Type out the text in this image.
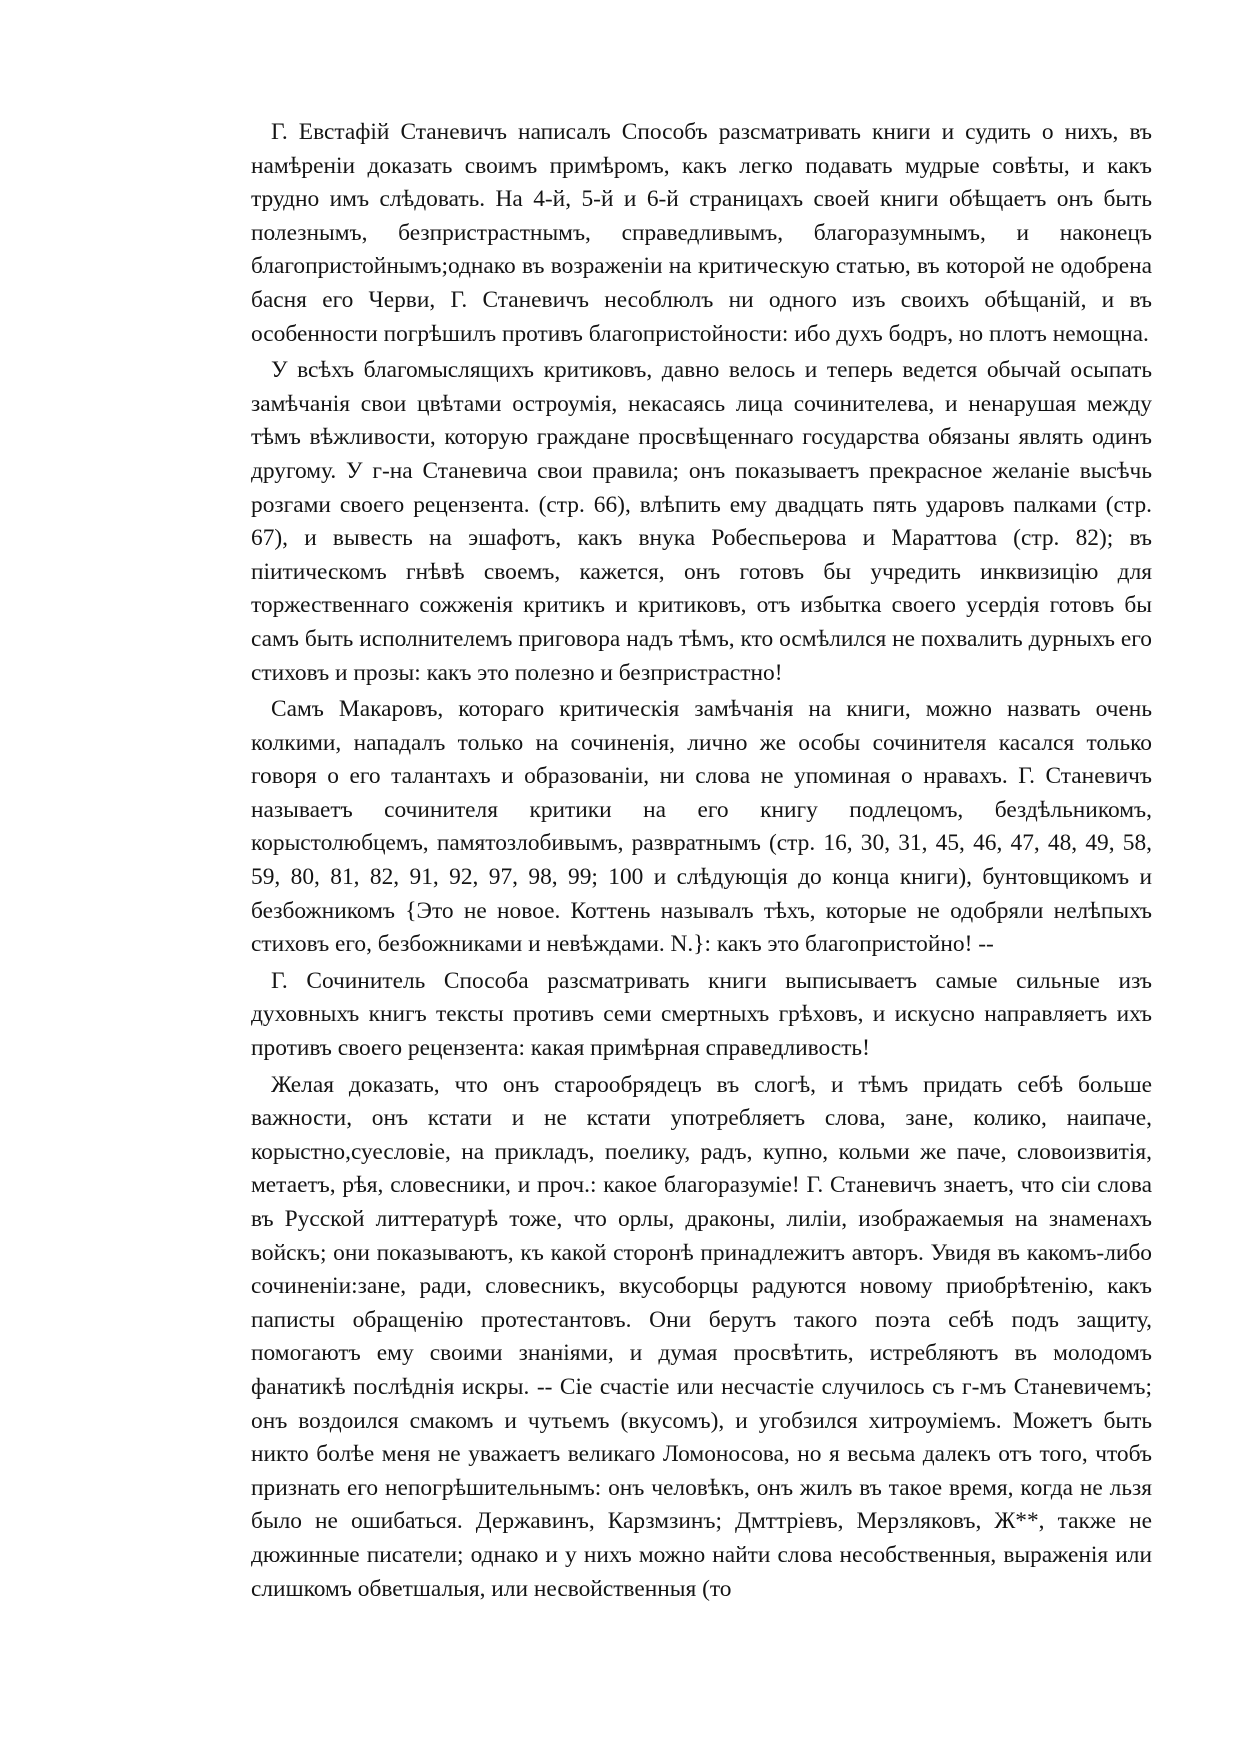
Г. Евстафій Станевичъ написалъ Способъ разсматривать книги и судить о нихъ, въ намѣреніи доказать своимъ примѣромъ, какъ легко подавать мудрые совѣты, и какъ трудно имъ слѣдовать. На 4-й, 5-й и 6-й страницахъ своей книги обѣщаетъ онъ быть полезнымъ, безпристрастнымъ, справедливымъ, благоразумнымъ, и наконецъ благопристойнымъ;однако въ возраженіи на критическую статью, въ которой не одобрена басня его Черви, Г. Станевичъ несоблюлъ ни одного изъ своихъ обѣщаній, и въ особенности погрѣшилъ противъ благопристойности: ибо духъ бодръ, но плотъ немощна.

У всѣхъ благомыслящихъ критиковъ, давно велось и теперь ведется обычай осыпать замѣчанія свои цвѣтами остроумія, некасаясь лица сочинителева, и ненарушая между тѣмъ вѣжливости, которую граждане просвѣщеннаго государства обязаны являть одинъ другому. У г-на Станевича свои правила; онъ показываетъ прекрасное желаніе высѣчь розгами своего рецензента. (стр. 66), влѣпить ему двадцать пять ударовъ палками (стр. 67), и вывесть на эшафотъ, какъ внука Робеспьерова и Мараттова (стр. 82); въ піитическомъ гнѣвѣ своемъ, кажется, онъ готовъ бы учредить инквизицію для торжественнаго сожженія критикъ и критиковъ, отъ избытка своего усердія готовъ бы самъ быть исполнителемъ приговора надъ тѣмъ, кто осмѣлился не похвалить дурныхъ его стиховъ и прозы: какъ это полезно и безпристрастно!

Самъ Макаровъ, котораго критическія замѣчанія на книги, можно назвать очень колкими, нападалъ только на сочиненія, лично же особы сочинителя касался только говоря о его талантахъ и образованіи, ни слова не упоминая о нравахъ. Г. Станевичъ называетъ сочинителя критики на его книгу подлецомъ, бездѣльникомъ, корыстолюбцемъ, памятозлобивымъ, развратнымъ (стр. 16, 30, 31, 45, 46, 47, 48, 49, 58, 59, 80, 81, 82, 91, 92, 97, 98, 99; 100 и слѣдующія до конца книги), бунтовщикомъ и безбожникомъ {Это не новое. Коттень называлъ тѣхъ, которые не одобряли нелѣпыхъ стиховъ его, безбожниками и невѣждами. N.}: какъ это благопристойно! --

Г. Сочинитель Способа разсматривать книги выписываетъ самые сильные изъ духовныхъ книгъ тексты противъ семи смертныхъ грѣховъ, и искусно направляетъ ихъ противъ своего рецензента: какая примѣрная справедливость!

Желая доказать, что онъ старообрядецъ въ слогѣ, и тѣмъ придать себѣ больше важности, онъ кстати и не кстати употребляетъ слова, зане, колико, наипаче, корыстно,суесловіе, на прикладъ, поелику, радъ, купно, кольми же паче, словоизвитія, метаетъ, рѣя, словесники, и проч.: какое благоразуміе! Г. Станевичъ знаетъ, что сіи слова въ Русской литтературѣ тоже, что орлы, драконы, лиліи, изображаемыя на знаменахъ войскъ; они показываютъ, къ какой сторонѣ принадлежитъ авторъ. Увидя въ какомъ-либо сочиненіи:зане, ради, словесникъ, вкусоборцы радуются новому приобрѣтенію, какъ паписты обращенію протестантовъ. Они берутъ такого поэта себѣ подъ защиту, помогаютъ ему своими знаніями, и думая просвѣтить, истребляютъ въ молодомъ фанатикѣ послѣднія искры. -- Сіе счастіе или несчастіе случилось съ г-мъ Станевичемъ; онъ воздоился смакомъ и чутьемъ (вкусомъ), и угобзился хитроуміемъ. Можетъ быть никто болѣе меня не уважаетъ великаго Ломоносова, но я весьма далекъ отъ того, чтобъ признать его непогрѣшительнымъ: онъ человѣкъ, онъ жилъ въ такое время, когда не льзя было не ошибаться. Державинъ, Карзмзинъ; Дмттріевъ, Мерзляковъ, Ж**, также не дюжинные писатели; однако и у нихъ можно найти слова несобственныя, выраженія или слишкомъ обветшалыя, или несвойственныя (то
